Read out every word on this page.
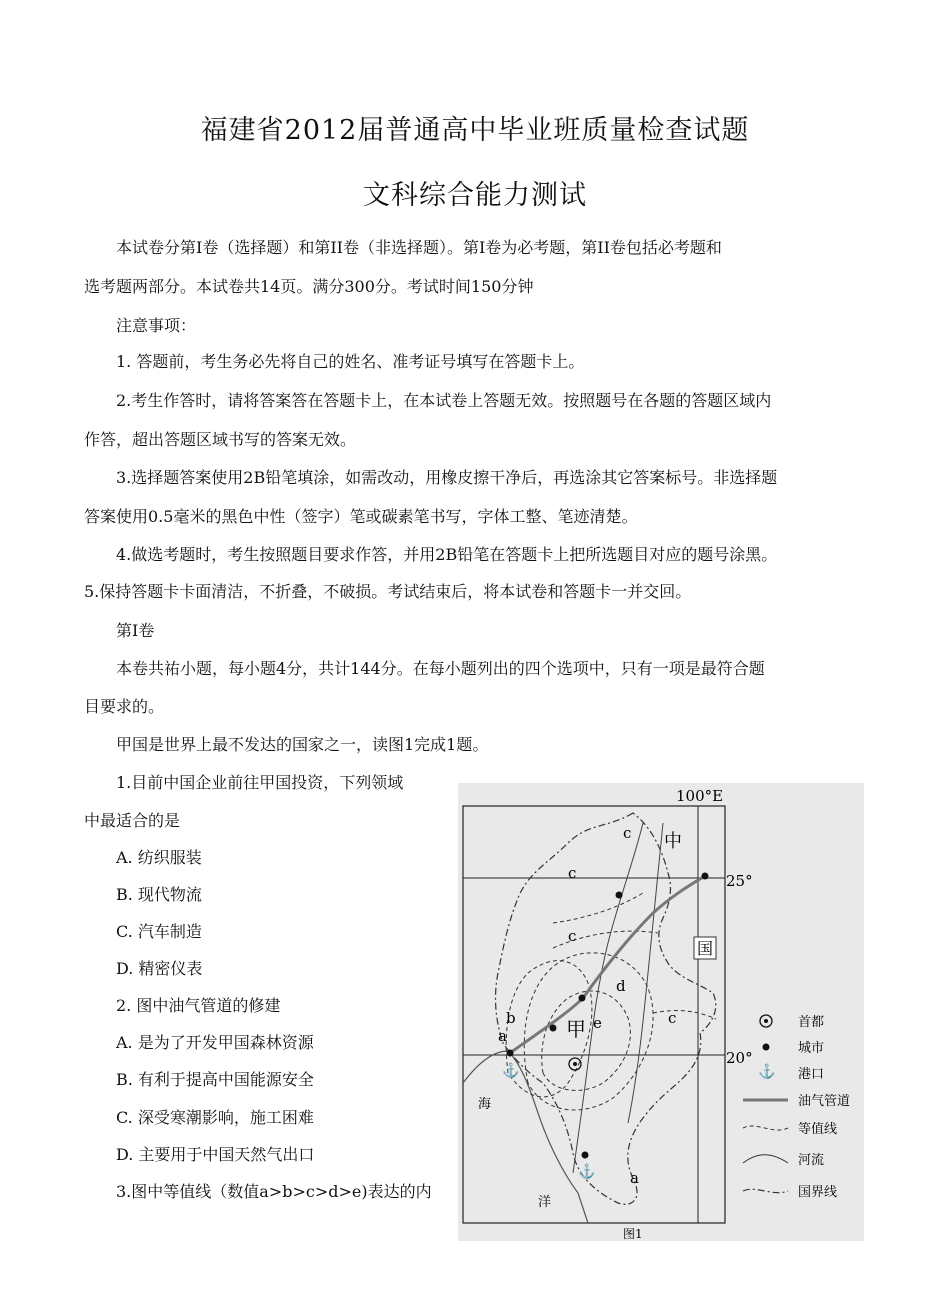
福建省2012届普通高中毕业班质量检查试题
文科综合能力测试
本试卷分第Ⅰ卷（选择题）和第II卷（非选择题）。第Ⅰ卷为必考题，第II卷包括必考题和
选考题两部分。本试卷共14页。满分300分。考试时间150分钟
注意事项：
1. 答题前，考生务必先将自己的姓名、准考证号填写在答题卡上。
2.考生作答时，请将答案答在答题卡上，在本试卷上答题无效。按照题号在各题的答题区域内
作答，超出答题区域书写的答案无效。
3.选择题答案使用2B铅笔填涂，如需改动，用橡皮擦干净后，再选涂其它答案标号。非选择题
答案使用0.5毫米的黑色中性（签字）笔或碳素笔书写，字体工整、笔迹清楚。
4.做选考题时，考生按照题目要求作答，并用2B铅笔在答题卡上把所选题目对应的题号涂黑。
5.保持答题卡卡面清洁，不折叠，不破损。考试结束后，将本试卷和答题卡一并交回。
第Ⅰ卷
本卷共祐小题，每小题4分，共计144分。在每小题列出的四个选项中，只有一项是最符合题
目要求的。
甲国是世界上最不发达的国家之一，读图1完成1题。
1.目前中国企业前往甲国投资，下列领域
中最适合的是
A. 纺织服装
B. 现代物流
C. 汽车制造
D. 精密仪表
2. 图中油气管道的修建
A. 是为了开发甲国森林资源
B. 有利于提高中国能源安全
C. 深受寒潮影响，施工困难
D. 主要用于中国天然气出口
3.图中等值线（数值a>b>c>d>e)表达的内
⚓
⚓
100°E
25°
20°
中
国
甲
海
洋
c
c
c
c
d
e
a
b
a
首都
城市
⚓ 港口
油气管道
等值线
河流
国界线
图1
